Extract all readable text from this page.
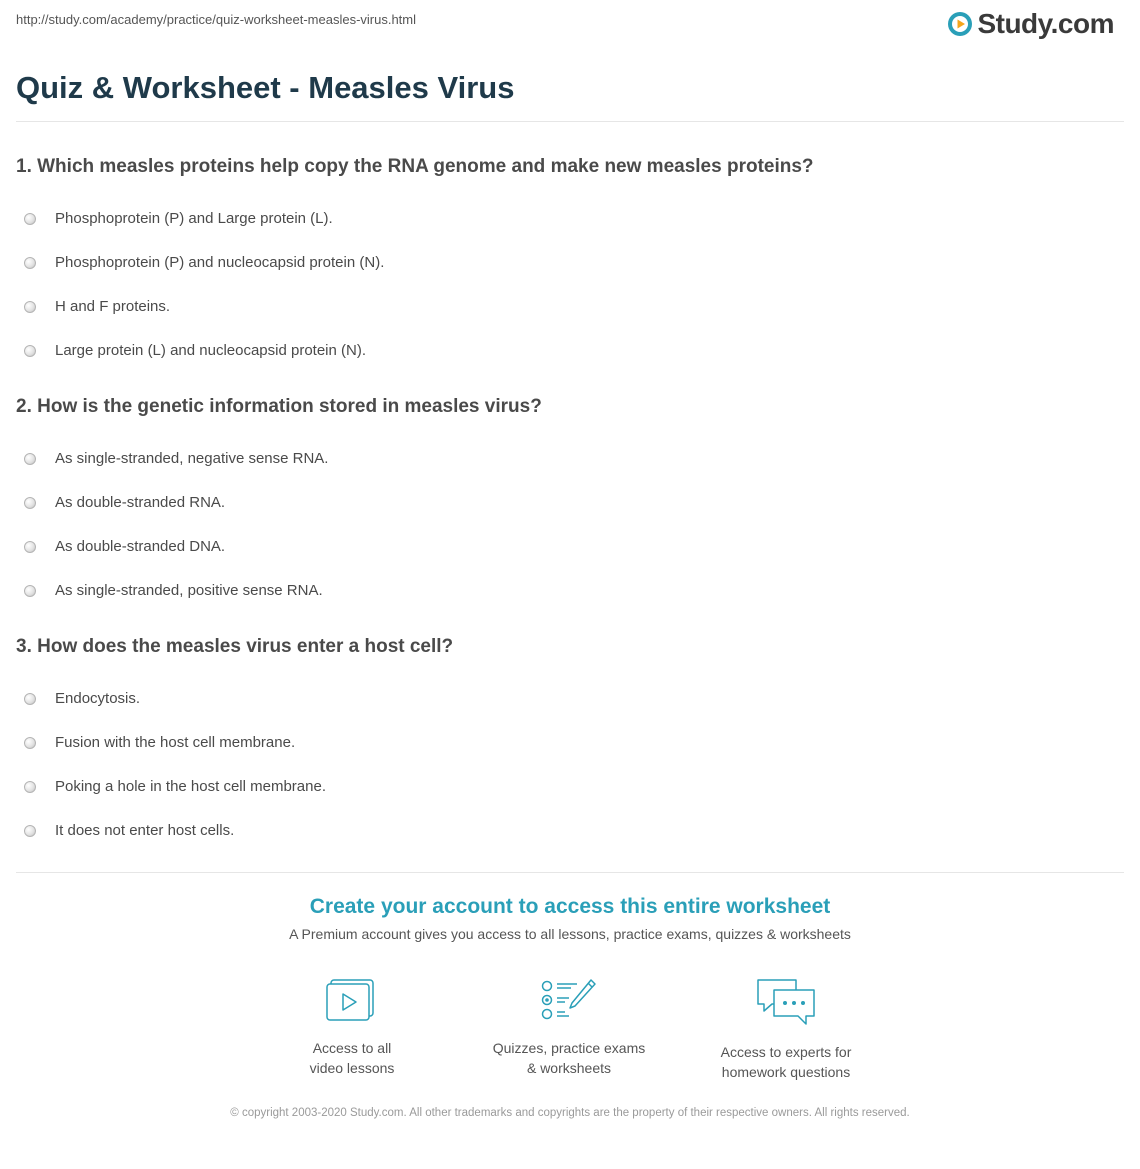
http://study.com/academy/practice/quiz-worksheet-measles-virus.html	Study.com
Quiz & Worksheet - Measles Virus

1. Which measles proteins help copy the RNA genome and make new measles proteins?

Phosphoprotein (P) and Large protein (L).
Phosphoprotein (P) and nucleocapsid protein (N).
H and F proteins.
Large protein (L) and nucleocapsid protein (N).

2. How is the genetic information stored in measles virus?

As single-stranded, negative sense RNA.
As double-stranded RNA.
As double-stranded DNA.
As single-stranded, positive sense RNA.

3. How does the measles virus enter a host cell?

Endocytosis.
Fusion with the host cell membrane.
Poking a hole in the host cell membrane.
It does not enter host cells.
Create your account to access this entire worksheet
A Premium account gives you access to all lessons, practice exams, quizzes & worksheets
Access to all
video lessons
Quizzes, practice exams
& worksheets
Access to experts for
homework questions
© copyright 2003-2020 Study.com. All other trademarks and copyrights are the property of their respective owners. All rights reserved.
